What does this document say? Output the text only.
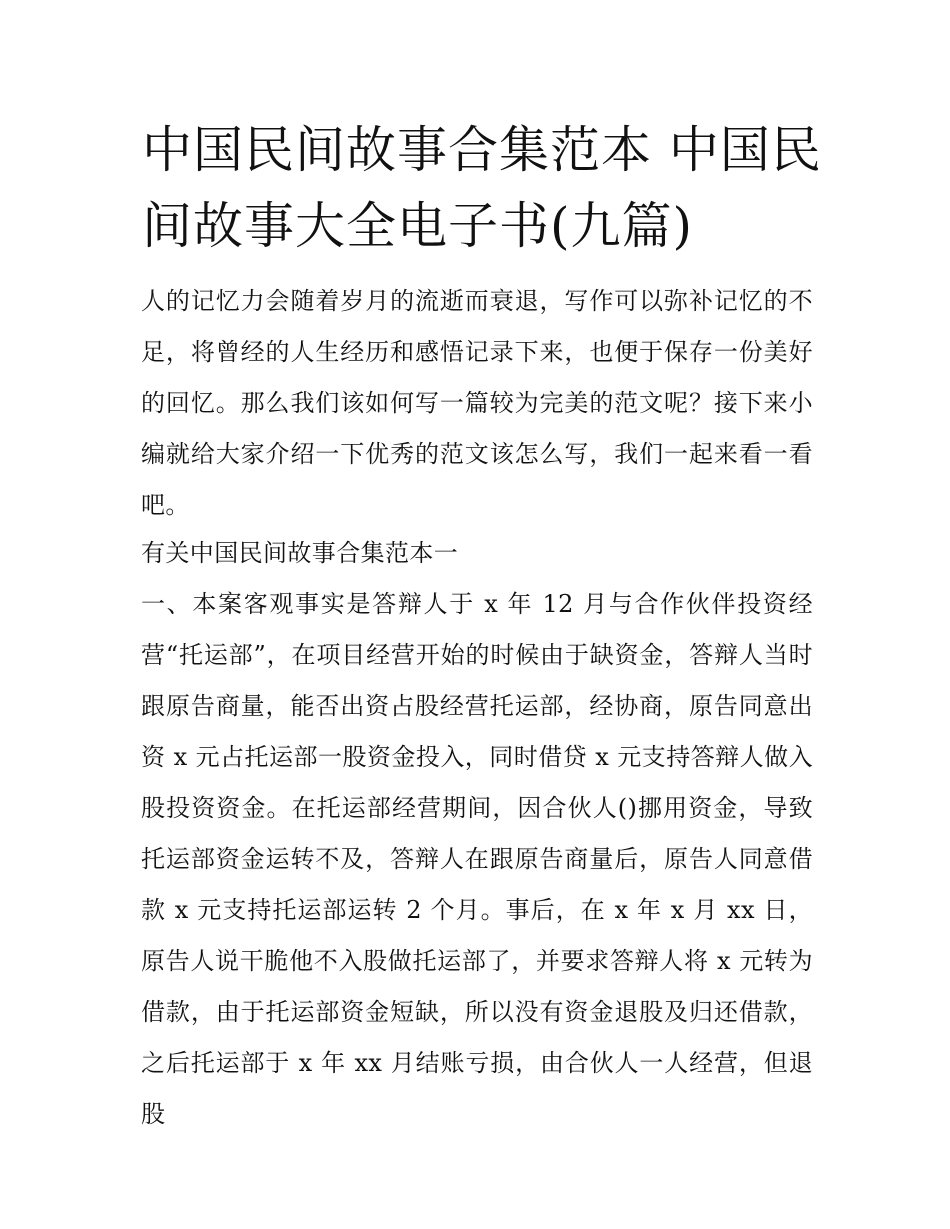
中国民间故事合集范本 中国民间故事大全电子书(九篇)

人的记忆力会随着岁月的流逝而衰退，写作可以弥补记忆的不足，将曾经的人生经历和感悟记录下来，也便于保存一份美好的回忆。那么我们该如何写一篇较为完美的范文呢？接下来小编就给大家介绍一下优秀的范文该怎么写，我们一起来看一看吧。

有关中国民间故事合集范本一

一、本案客观事实是答辩人于 x 年 12 月与合作伙伴投资经营“托运部”，在项目经营开始的时候由于缺资金，答辩人当时跟原告商量，能否出资占股经营托运部，经协商，原告同意出资 x 元占托运部一股资金投入，同时借贷 x 元支持答辩人做入股投资资金。在托运部经营期间，因合伙人()挪用资金，导致托运部资金运转不及，答辩人在跟原告商量后，原告人同意借款 x 元支持托运部运转 2 个月。事后，在 x 年 x 月 xx 日，原告人说干脆他不入股做托运部了，并要求答辩人将 x 元转为借款，由于托运部资金短缺，所以没有资金退股及归还借款，之后托运部于 x 年 xx 月结账亏损，由合伙人一人经营，但退股
